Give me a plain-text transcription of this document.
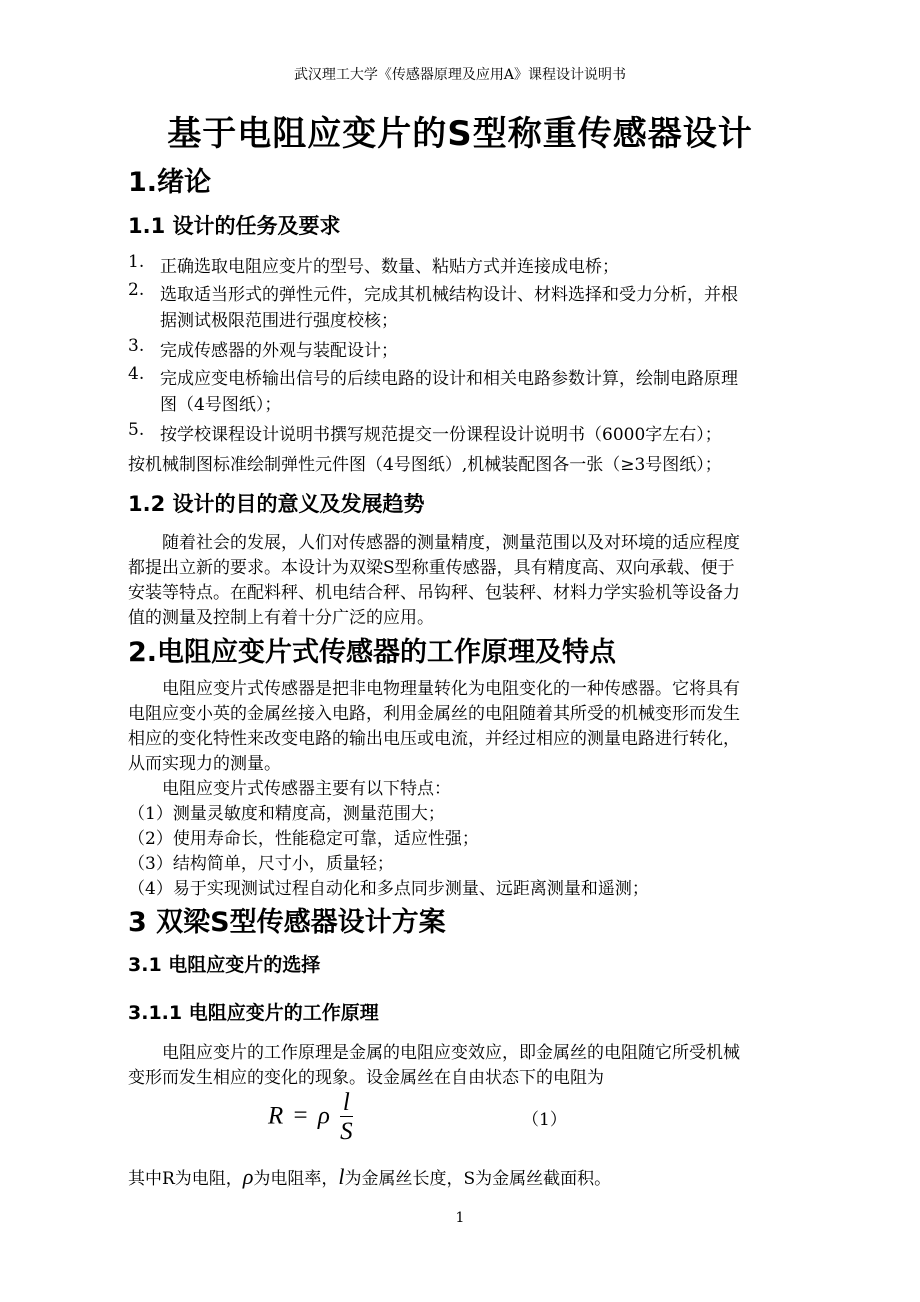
武汉理工大学《传感器原理及应用A》课程设计说明书
基于电阻应变片的S型称重传感器设计
1.绪论
1.1 设计的任务及要求
1. 正确选取电阻应变片的型号、数量、粘贴方式并连接成电桥；
2. 选取适当形式的弹性元件，完成其机械结构设计、材料选择和受力分析，并根
据测试极限范围进行强度校核；
3. 完成传感器的外观与装配设计；
4. 完成应变电桥输出信号的后续电路的设计和相关电路参数计算，绘制电路原理
图（4号图纸）；
5. 按学校课程设计说明书撰写规范提交一份课程设计说明书（6000字左右）；
按机械制图标准绘制弹性元件图（4号图纸）,机械装配图各一张（≥3号图纸）；
1.2 设计的目的意义及发展趋势
随着社会的发展，人们对传感器的测量精度，测量范围以及对环境的适应程度
都提出立新的要求。本设计为双梁S型称重传感器，具有精度高、双向承载、便于
安装等特点。在配料秤、机电结合秤、吊钩秤、包装秤、材料力学实验机等设备力
值的测量及控制上有着十分广泛的应用。
2.电阻应变片式传感器的工作原理及特点
电阻应变片式传感器是把非电物理量转化为电阻变化的一种传感器。它将具有
电阻应变小英的金属丝接入电路，利用金属丝的电阻随着其所受的机械变形而发生
相应的变化特性来改变电路的输出电压或电流，并经过相应的测量电路进行转化，
从而实现力的测量。
电阻应变片式传感器主要有以下特点：
（1）测量灵敏度和精度高，测量范围大；
（2）使用寿命长，性能稳定可靠，适应性强；
（3）结构简单，尺寸小，质量轻；
（4）易于实现测试过程自动化和多点同步测量、远距离测量和遥测；
3 双梁S型传感器设计方案
3.1 电阻应变片的选择
3.1.1 电阻应变片的工作原理
电阻应变片的工作原理是金属的电阻应变效应，即金属丝的电阻随它所受机械
变形而发生相应的变化的现象。设金属丝在自由状态下的电阻为
R = ρ $\frac{l}{S}$	（1）
其中R为电阻，ρ为电阻率，l为金属丝长度，S为金属丝截面积。
1
